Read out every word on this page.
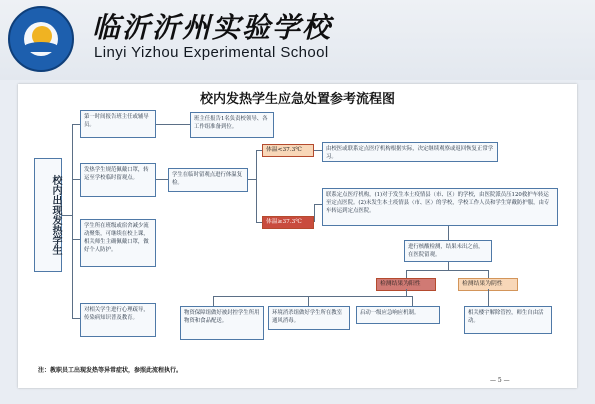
临沂沂州实验学校
Linyi Yizhou Experimental School
校内发热学生应急处置参考流程图
校内出现发热学生
第一时间报告班主任或辅导员。
发热学生规范佩戴口罩，转运至学校临时留观点。
学生所在班级或宿舍减少流动聚集，可继续在校上课，相关师生主确佩戴口罩，做好个人防护。
对相关学生进行心理疏导，传染病知识普及教育。
班主任报告1名负责校领导、各工作组准备到位。
学生在临时留观点进行体温复检。
体温<37.3℃
体温≥37.3℃
由校医或联系定点医疗机构根据实际，决定继续观察或返回恢复正常学习。
联系定点医疗机构，(1)对于发生本土疫情县（市、区）的学校，由医院派员压120救护车转运至定点医院。(2)未发生本土疫情县（市、区）的学校，学校工作人员和学生穿戴防护服，由专车转运到定点医院。
进行核酸检测，结果未出之前，在医院留观。
检测结果为阳性	检测结果为阴性
物资保障组做好被封控学生所用物资和食品配送。
环境消杀组做好学生所在教室通风消毒。
启动一级应急响应机制。	相关楼宇解除管控，师生自由活动。
注：教职员工出现发热等异常症状，参照此流程执行。
— 5 —
